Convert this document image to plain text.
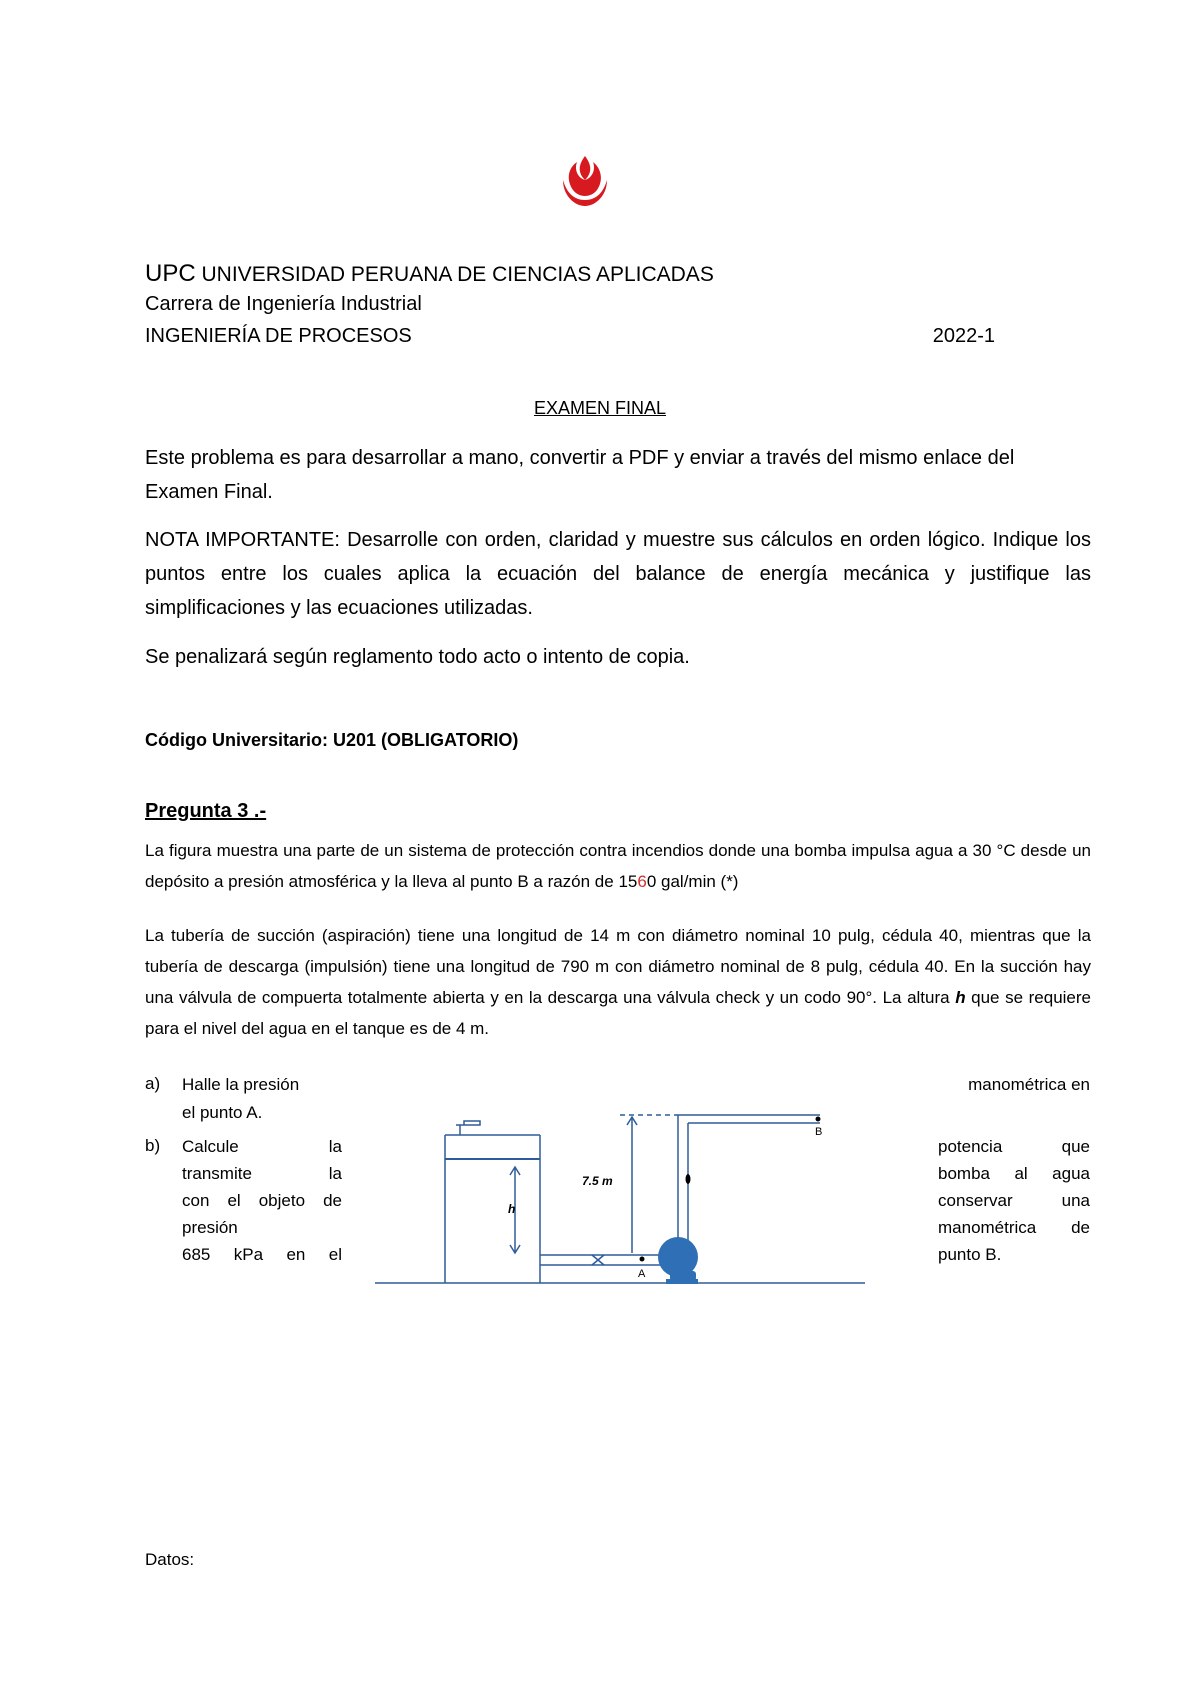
UPC UNIVERSIDAD PERUANA DE CIENCIAS APLICADAS
Carrera de Ingeniería Industrial
INGENIERÍA DE PROCESOS	2022-1
EXAMEN FINAL
Este problema es para desarrollar a mano, convertir a PDF y enviar a través del mismo enlace del Examen Final.
NOTA IMPORTANTE: Desarrolle con orden, claridad y muestre sus cálculos en orden lógico. Indique los puntos entre los cuales aplica la ecuación del balance de energía mecánica y justifique las simplificaciones y las ecuaciones utilizadas.
Se penalizará según reglamento todo acto o intento de copia.
Código Universitario: U201 (OBLIGATORIO)
Pregunta 3 .-
La figura muestra una parte de un sistema de protección contra incendios donde una bomba impulsa agua a 30 °C desde un depósito a presión atmosférica y la lleva al punto B a razón de 1560 gal/min (*)
La tubería de succión (aspiración) tiene una longitud de 14 m con diámetro nominal 10 pulg, cédula 40, mientras que la tubería de descarga (impulsión) tiene una longitud de 790 m con diámetro nominal de 8 pulg, cédula 40. En la succión hay una válvula de compuerta totalmente abierta y en la descarga una válvula check y un codo 90°. La altura h que se requiere para el nivel del agua en el tanque es de 4 m.
a) Halle la presión
el punto A.
manométrica en
b) Calcule la
transmite la
con el objeto de
presión
685 kPa en el
potencia que
bomba al agua
conservar una
manométrica de
punto B.
A
B
7.5 m
h
Datos:
